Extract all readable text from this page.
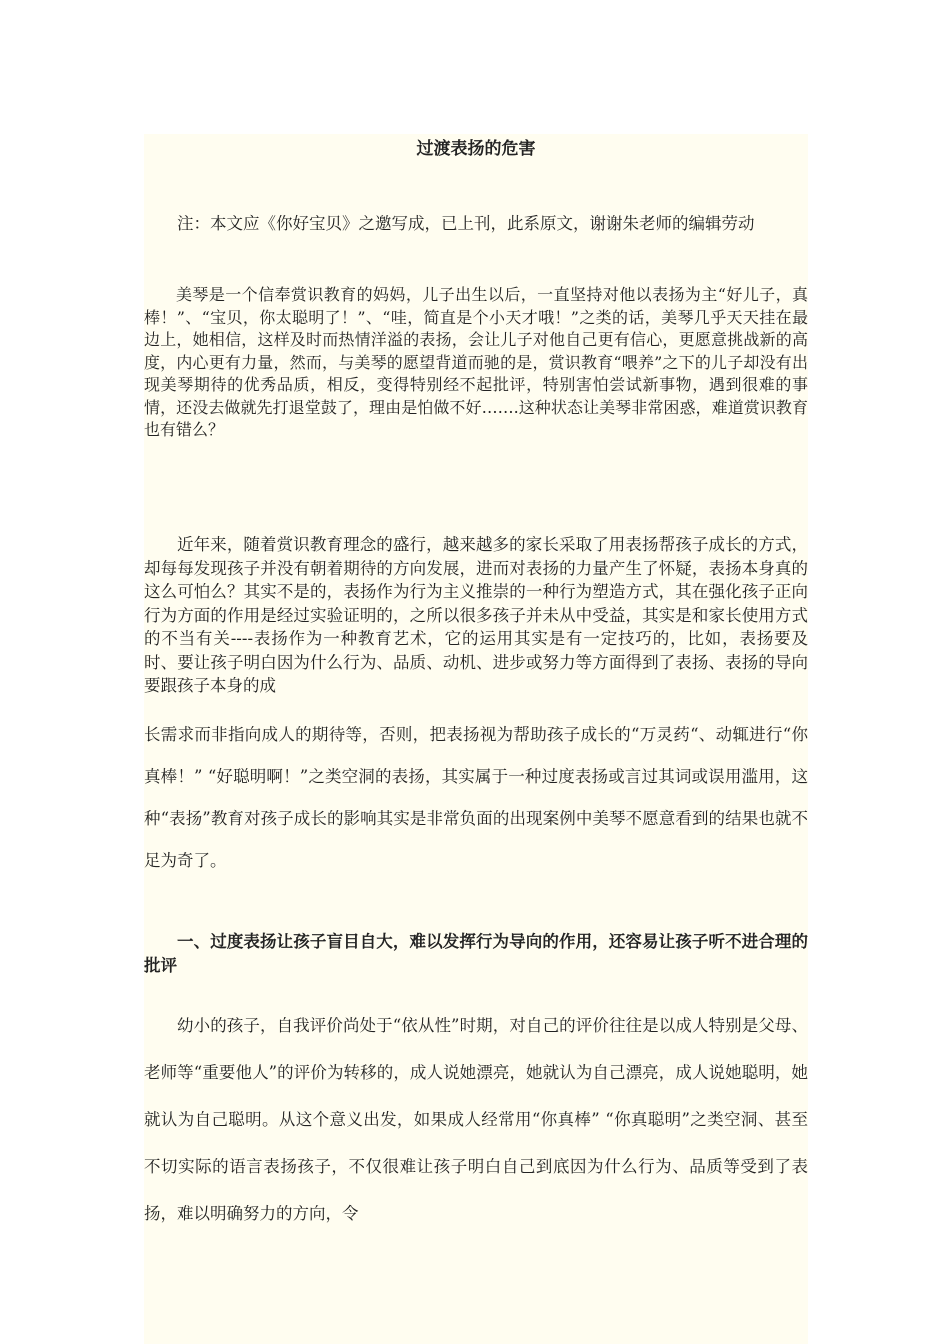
过渡表扬的危害

注：本文应《你好宝贝》之邀写成，已上刊，此系原文，谢谢朱老师的编辑劳动

美琴是一个信奉赏识教育的妈妈，儿子出生以后，一直坚持对他以表扬为主“好儿子，真棒！”、“宝贝，你太聪明了！”、“哇，简直是个小天才哦！”之类的话，美琴几乎天天挂在最边上，她相信，这样及时而热情洋溢的表扬，会让儿子对他自己更有信心，更愿意挑战新的高度，内心更有力量，然而，与美琴的愿望背道而驰的是，赏识教育“喂养”之下的儿子却没有出现美琴期待的优秀品质，相反，变得特别经不起批评，特别害怕尝试新事物，遇到很难的事情，还没去做就先打退堂鼓了，理由是怕做不好…….这种状态让美琴非常困惑，难道赏识教育也有错么？

近年来，随着赏识教育理念的盛行，越来越多的家长采取了用表扬帮孩子成长的方式，却每每发现孩子并没有朝着期待的方向发展，进而对表扬的力量产生了怀疑，表扬本身真的这么可怕么？其实不是的，表扬作为行为主义推崇的一种行为塑造方式，其在强化孩子正向行为方面的作用是经过实验证明的，之所以很多孩子并未从中受益，其实是和家长使用方式的不当有关----表扬作为一种教育艺术，它的运用其实是有一定技巧的，比如，表扬要及时、要让孩子明白因为什么行为、品质、动机、进步或努力等方面得到了表扬、表扬的导向要跟孩子本身的成

长需求而非指向成人的期待等，否则，把表扬视为帮助孩子成长的“万灵药“、动辄进行“你真棒！” “好聪明啊！”之类空洞的表扬，其实属于一种过度表扬或言过其词或误用滥用，这种“表扬”教育对孩子成长的影响其实是非常负面的出现案例中美琴不愿意看到的结果也就不足为奇了。

一、过度表扬让孩子盲目自大，难以发挥行为导向的作用，还容易让孩子听不进合理的批评

幼小的孩子，自我评价尚处于“依从性”时期，对自己的评价往往是以成人特别是父母、老师等“重要他人”的评价为转移的，成人说她漂亮，她就认为自己漂亮，成人说她聪明，她就认为自己聪明。从这个意义出发，如果成人经常用“你真棒” “你真聪明”之类空洞、甚至不切实际的语言表扬孩子，不仅很难让孩子明白自己到底因为什么行为、品质等受到了表扬，难以明确努力的方向，令
